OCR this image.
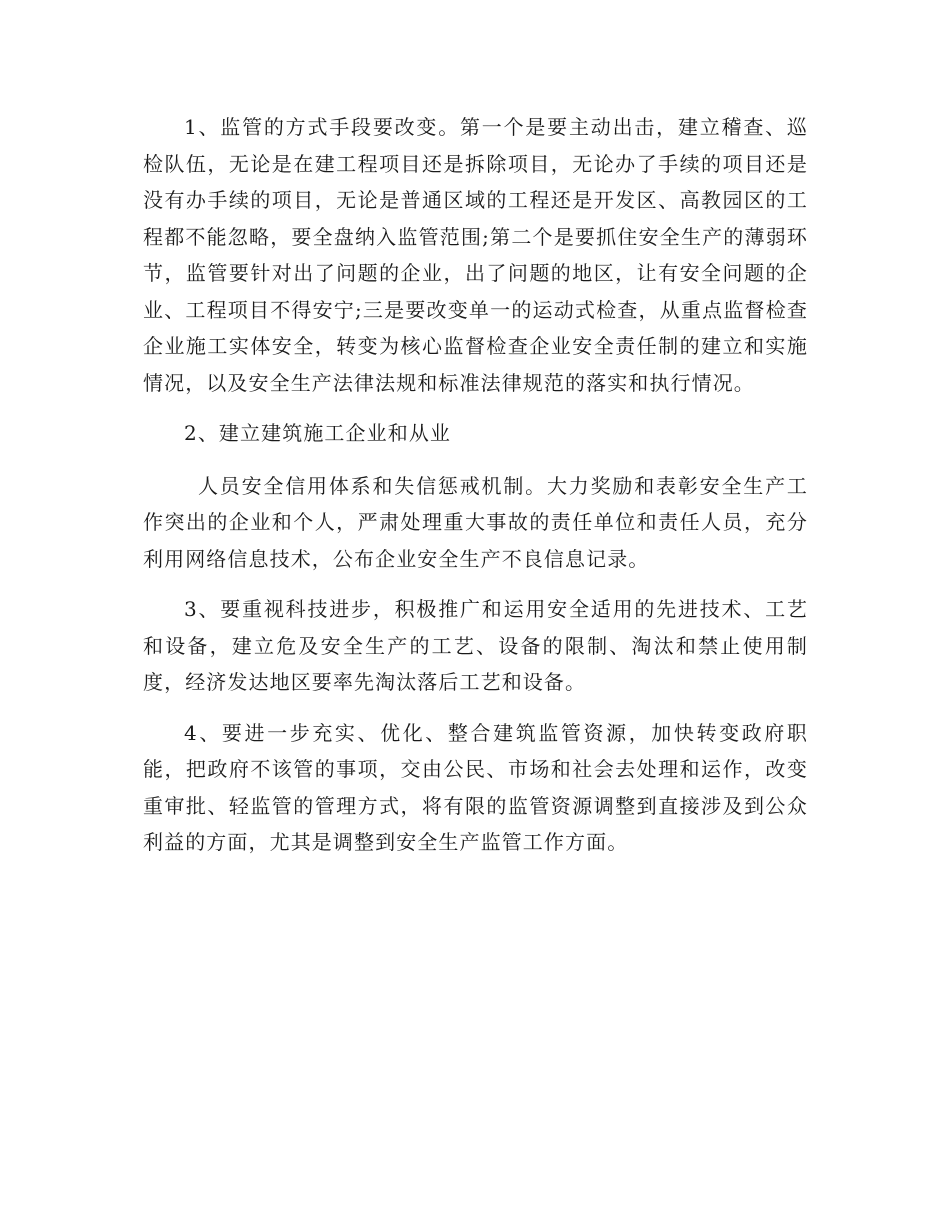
1、监管的方式手段要改变。第一个是要主动出击，建立稽查、巡检队伍，无论是在建工程项目还是拆除项目，无论办了手续的项目还是没有办手续的项目，无论是普通区域的工程还是开发区、高教园区的工程都不能忽略，要全盘纳入监管范围;第二个是要抓住安全生产的薄弱环节，监管要针对出了问题的企业，出了问题的地区，让有安全问题的企业、工程项目不得安宁;三是要改变单一的运动式检查，从重点监督检查企业施工实体安全，转变为核心监督检查企业安全责任制的建立和实施情况，以及安全生产法律法规和标准法律规范的落实和执行情况。

2、建立建筑施工企业和从业

人员安全信用体系和失信惩戒机制。大力奖励和表彰安全生产工作突出的企业和个人，严肃处理重大事故的责任单位和责任人员，充分利用网络信息技术，公布企业安全生产不良信息记录。

3、要重视科技进步，积极推广和运用安全适用的先进技术、工艺和设备，建立危及安全生产的工艺、设备的限制、淘汰和禁止使用制度，经济发达地区要率先淘汰落后工艺和设备。

4、要进一步充实、优化、整合建筑监管资源，加快转变政府职能，把政府不该管的事项，交由公民、市场和社会去处理和运作，改变重审批、轻监管的管理方式，将有限的监管资源调整到直接涉及到公众利益的方面，尤其是调整到安全生产监管工作方面。
